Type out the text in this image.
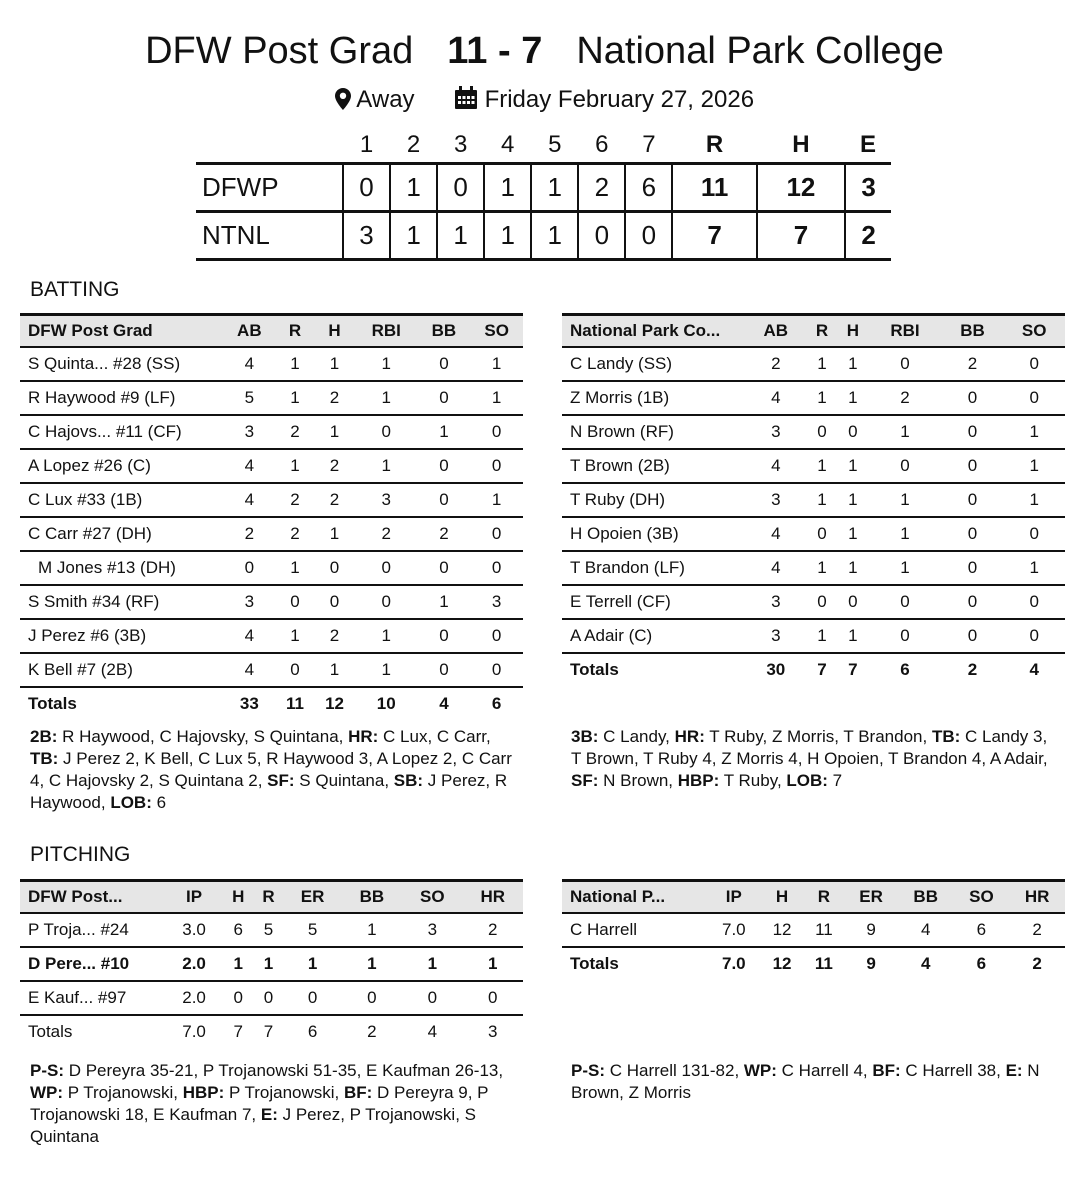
DFW Post Grad 11 - 7 National Park College
Away	Friday February 27, 2026
	1	2	3	4	5	6	7	R	H	E
DFWP	0	1	0	1	1	2	6	11	12	3
NTNL	3	1	1	1	1	0	0	7	7	2
BATTING
DFW Post Grad	AB	R	H	RBI	BB	SO
S Quinta... #28 (SS)	4	1	1	1	0	1
R Haywood #9 (LF)	5	1	2	1	0	1
C Hajovs... #11 (CF)	3	2	1	0	1	0
A Lopez #26 (C)	4	1	2	1	0	0
C Lux #33 (1B)	4	2	2	3	0	1
C Carr #27 (DH)	2	2	1	2	2	0
M Jones #13 (DH)	0	1	0	0	0	0
S Smith #34 (RF)	3	0	0	0	1	3
J Perez #6 (3B)	4	1	2	1	0	0
K Bell #7 (2B)	4	0	1	1	0	0
Totals	33	11	12	10	4	6
National Park Co...	AB	R	H	RBI	BB	SO
C Landy (SS)	2	1	1	0	2	0
Z Morris (1B)	4	1	1	2	0	0
N Brown (RF)	3	0	0	1	0	1
T Brown (2B)	4	1	1	0	0	1
T Ruby (DH)	3	1	1	1	0	1
H Opoien (3B)	4	0	1	1	0	0
T Brandon (LF)	4	1	1	1	0	1
E Terrell (CF)	3	0	0	0	0	0
A Adair (C)	3	1	1	0	0	0
Totals	30	7	7	6	2	4
2B: R Haywood, C Hajovsky, S Quintana, HR: C Lux, C Carr, TB: J Perez 2, K Bell, C Lux 5, R Haywood 3, A Lopez 2, C Carr 4, C Hajovsky 2, S Quintana 2, SF: S Quintana, SB: J Perez, R Haywood, LOB: 6
3B: C Landy, HR: T Ruby, Z Morris, T Brandon, TB: C Landy 3, T Brown, T Ruby 4, Z Morris 4, H Opoien, T Brandon 4, A Adair, SF: N Brown, HBP: T Ruby, LOB: 7
PITCHING
DFW Post...	IP	H	R	ER	BB	SO	HR
P Troja... #24	3.0	6	5	5	1	3	2
D Pere... #10	2.0	1	1	1	1	1	1
E Kauf... #97	2.0	0	0	0	0	0	0
Totals	7.0	7	7	6	2	4	3
National P...	IP	H	R	ER	BB	SO	HR
C Harrell	7.0	12	11	9	4	6	2
Totals	7.0	12	11	9	4	6	2
P-S: D Pereyra 35-21, P Trojanowski 51-35, E Kaufman 26-13, WP: P Trojanowski, HBP: P Trojanowski, BF: D Pereyra 9, P Trojanowski 18, E Kaufman 7, E: J Perez, P Trojanowski, S Quintana
P-S: C Harrell 131-82, WP: C Harrell 4, BF: C Harrell 38, E: N Brown, Z Morris
